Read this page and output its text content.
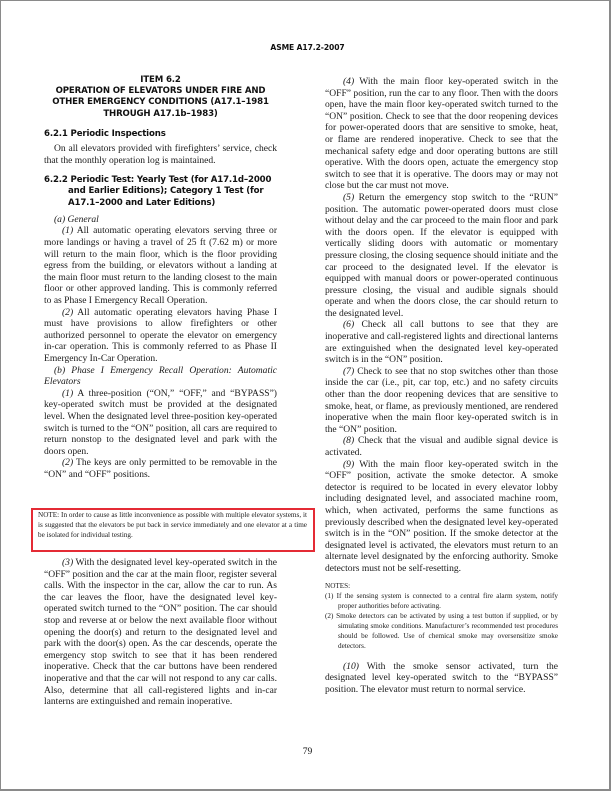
ASME A17.2-2007
ITEM 6.2
OPERATION OF ELEVATORS UNDER FIRE AND
OTHER EMERGENCY CONDITIONS (A17.1–1981
THROUGH A17.1b–1983)
6.2.1 Periodic Inspections

On all elevators provided with firefighters’ service, check that the monthly operation log is maintained.

6.2.2 Periodic Test: Yearly Test (for A17.1d–2000 and Earlier Editions); Category 1 Test (for A17.1–2000 and Later Editions)

(a) General

(1) All automatic operating elevators serving three or more landings or having a travel of 25 ft (7.62 m) or more will return to the main floor, which is the floor providing egress from the building, or elevators without a landing at the main floor must return to the landing closest to the main floor or other approved landing. This is commonly referred to as Phase I Emergency Recall Operation.

(2) All automatic operating elevators having Phase I must have provisions to allow firefighters or other authorized personnel to operate the elevator on emergency in-car operation. This is commonly referred to as Phase II Emergency In-Car Operation.

(b) Phase I Emergency Recall Operation: Automatic Elevators

(1) A three-position (“ON,” “OFF,” and “BYPASS”) key-operated switch must be provided at the designated level. When the designated level three-position key-operated switch is turned to the “ON” position, all cars are required to return nonstop to the designated level and park with the doors open.

(2) The keys are only permitted to be removable in the “ON” and “OFF” positions.

NOTE: In order to cause as little inconvenience as possible with multiple elevator systems, it is suggested that the elevators be put back in service immediately and one elevator at a time be isolated for individual testing.

(3) With the designated level key-operated switch in the “OFF” position and the car at the main floor, register several calls. With the inspector in the car, allow the car to run. As the car leaves the floor, have the designated level key-operated switch turned to the “ON” position. The car should stop and reverse at or below the next available floor without opening the door(s) and return to the designated level and park with the door(s) open. As the car descends, operate the emergency stop switch to see that it has been rendered inoperative. Check that the car buttons have been rendered inoperative and that the car will not respond to any car calls. Also, determine that all call-registered lights and in-car lanterns are extinguished and remain inoperative.

(4) With the main floor key-operated switch in the “OFF” position, run the car to any floor. Then with the doors open, have the main floor key-operated switch turned to the “ON” position. Check to see that the door reopening devices for power-operated doors that are sensitive to smoke, heat, or flame are rendered inoperative. Check to see that the mechanical safety edge and door operating buttons are still operative. With the doors open, actuate the emergency stop switch to see that it is operative. The doors may or may not close but the car must not move.

(5) Return the emergency stop switch to the “RUN” position. The automatic power-operated doors must close without delay and the car proceed to the main floor and park with the doors open. If the elevator is equipped with vertically sliding doors with automatic or momentary pressure closing, the closing sequence should initiate and the car proceed to the designated level. If the elevator is equipped with manual doors or power-operated continuous pressure closing, the visual and audible signals should operate and when the doors close, the car should return to the designated level.

(6) Check all call buttons to see that they are inoperative and call-registered lights and directional lanterns are extinguished when the designated level key-operated switch is in the “ON” position.

(7) Check to see that no stop switches other than those inside the car (i.e., pit, car top, etc.) and no safety circuits other than the door reopening devices that are sensitive to smoke, heat, or flame, as previously mentioned, are rendered inoperative when the main floor key-operated switch is in the “ON” position.

(8) Check that the visual and audible signal device is activated.

(9) With the main floor key-operated switch in the “OFF” position, activate the smoke detector. A smoke detector is required to be located in every elevator lobby including designated level, and associated machine room, which, when activated, performs the same functions as previously described when the designated level key-operated switch is in the “ON” position. If the smoke detector at the designated level is activated, the elevators must return to an alternate level designated by the enforcing authority. Smoke detectors must not be self-resetting.

NOTES:

(1) If the sensing system is connected to a central fire alarm system, notify proper authorities before activating.

(2) Smoke detectors can be activated by using a test button if supplied, or by simulating smoke conditions. Manufacturer’s recommended test procedures should be followed. Use of chemical smoke may oversensitize smoke detectors.

(10) With the smoke sensor activated, turn the designated level key-operated switch to the “BYPASS” position. The elevator must return to normal service.

79
